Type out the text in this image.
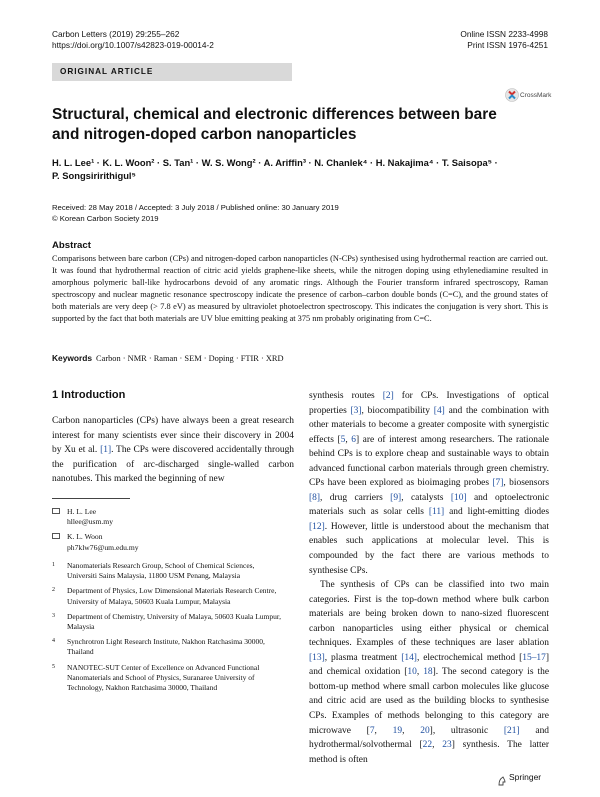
Carbon Letters (2019) 29:255–262
https://doi.org/10.1007/s42823-019-00014-2
Online ISSN 2233-4998
Print ISSN 1976-4251
ORIGINAL ARTICLE
CrossMark
Structural, chemical and electronic differences between bare
and nitrogen-doped carbon nanoparticles
H. L. Lee¹ · K. L. Woon² · S. Tan¹ · W. S. Wong² · A. Ariffin³ · N. Chanlek⁴ · H. Nakajima⁴ · T. Saisopa⁵ ·
P. Songsiririthigul⁵
Received: 28 May 2018 / Accepted: 3 July 2018 / Published online: 30 January 2019
© Korean Carbon Society 2019
Abstract
Comparisons between bare carbon (CPs) and nitrogen-doped carbon nanoparticles (N-CPs) synthesised using hydrothermal reaction are carried out. It was found that hydrothermal reaction of citric acid yields graphene-like sheets, while the nitrogen doping using ethylenediamine resulted in amorphous polymeric ball-like hydrocarbons devoid of any aromatic rings. Although the Fourier transform infrared spectroscopy, Raman spectroscopy and nuclear magnetic resonance spectroscopy indicate the presence of carbon–carbon double bonds (C=C), and the ground states of both materials are very deep (> 7.8 eV) as measured by ultraviolet photoelectron spectroscopy. This indicates the conjugation is very short. This is supported by the fact that both materials are UV blue emitting peaking at 375 nm probably originating from C=C.
Keywords Carbon · NMR · Raman · SEM · Doping · FTIR · XRD
1 Introduction

Carbon nanoparticles (CPs) have always been a great research interest for many scientists ever since their discovery in 2004 by Xu et al. [1]. The CPs were discovered accidentally through the purification of arc-discharged single-walled carbon nanotubes. This marked the beginning of new

H. L. Lee
hllee@usm.my
K. L. Woon
ph7klw76@um.edu.my
1 Nanomaterials Research Group, School of Chemical Sciences, Universiti Sains Malaysia, 11800 USM Penang, Malaysia
2 Department of Physics, Low Dimensional Materials Research Centre, University of Malaya, 50603 Kuala Lumpur, Malaysia
3 Department of Chemistry, University of Malaya, 50603 Kuala Lumpur, Malaysia
4 Synchrotron Light Research Institute, Nakhon Ratchasima 30000, Thailand
5 NANOTEC-SUT Center of Excellence on Advanced Functional Nanomaterials and School of Physics, Suranaree University of Technology, Nakhon Ratchasima 30000, Thailand

synthesis routes [2] for CPs. Investigations of optical properties [3], biocompatibility [4] and the combination with other materials to become a greater composite with synergistic effects [5, 6] are of interest among researchers. The rationale behind CPs is to explore cheap and sustainable ways to obtain advanced functional carbon materials through green chemistry. CPs have been explored as bioimaging probes [7], biosensors [8], drug carriers [9], catalysts [10] and optoelectronic materials such as solar cells [11] and light-emitting diodes [12]. However, little is understood about the mechanism that enables such applications at molecular level. This is compounded by the fact there are various methods to synthesise CPs.

The synthesis of CPs can be classified into two main categories. First is the top-down method where bulk carbon materials are being broken down to nano-sized fluorescent carbon nanoparticles using either physical or chemical techniques. Examples of these techniques are laser ablation [13], plasma treatment [14], electrochemical method [15–17] and chemical oxidation [10, 18]. The second category is the bottom-up method where small carbon molecules like glucose and citric acid are used as the building blocks to synthesise CPs. Examples of methods belonging to this category are microwave [7, 19, 20], ultrasonic [21] and hydrothermal/solvothermal [22, 23] synthesis. The latter method is often

Springer
